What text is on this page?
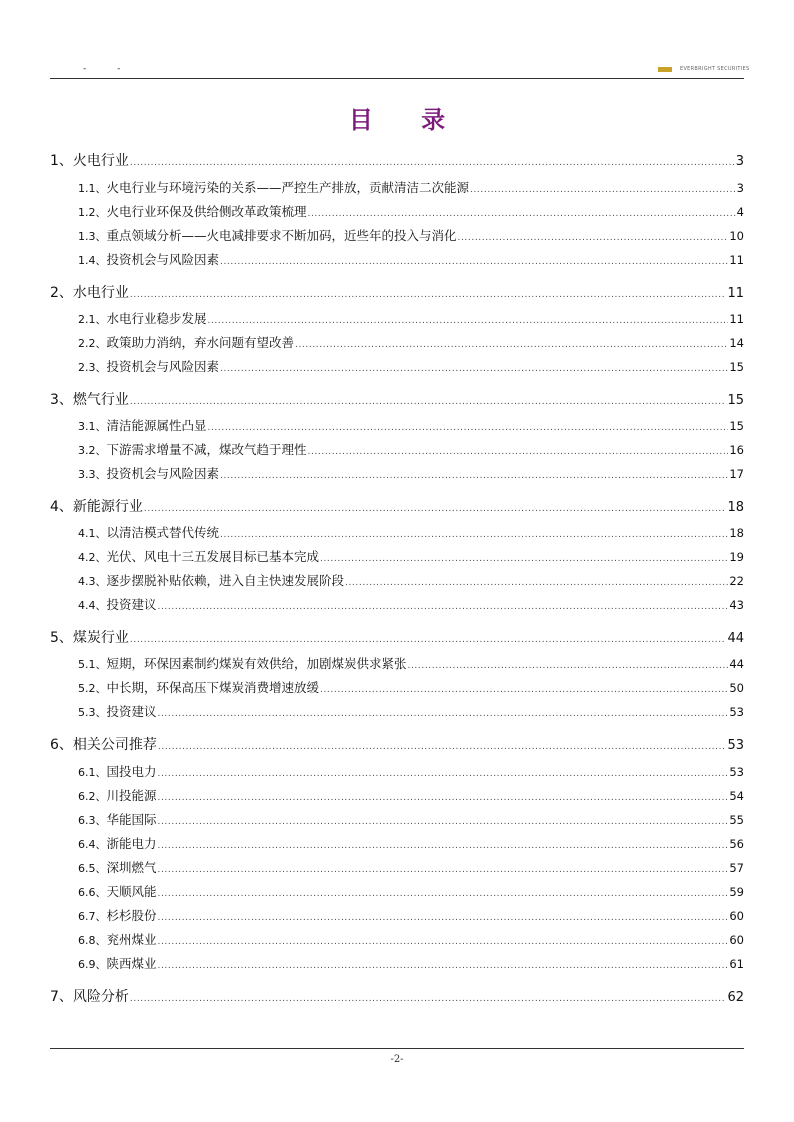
- -	EVERBRIGHT SECURITIES
目 录
1、 火电行业 .....	3
1.1、 火电行业与环境污染的关系——严控生产排放，贡献清洁二次能源 .....	3
1.2、 火电行业环保及供给侧改革政策梳理 .....	4
1.3、 重点领域分析——火电减排要求不断加码，近些年的投入与消化 .....	10
1.4、 投资机会与风险因素 .....	11
2、 水电行业 .....	11
2.1、 水电行业稳步发展 .....	11
2.2、 政策助力消纳，弃水问题有望改善 .....	14
2.3、 投资机会与风险因素 .....	15
3、 燃气行业 .....	15
3.1、 清洁能源属性凸显 .....	15
3.2、 下游需求增量不减，煤改气趋于理性 .....	16
3.3、 投资机会与风险因素 .....	17
4、 新能源行业 .....	18
4.1、 以清洁模式替代传统 .....	18
4.2、 光伏、风电十三五发展目标已基本完成 .....	19
4.3、 逐步摆脱补贴依赖，进入自主快速发展阶段 .....	22
4.4、 投资建议 .....	43
5、 煤炭行业 .....	44
5.1、 短期，环保因素制约煤炭有效供给，加剧煤炭供求紧张 .....	44
5.2、 中长期，环保高压下煤炭消费增速放缓 .....	50
5.3、 投资建议 .....	53
6、 相关公司推荐 .....	53
6.1、 国投电力 .....	53
6.2、 川投能源 .....	54
6.3、 华能国际 .....	55
6.4、 浙能电力 .....	56
6.5、 深圳燃气 .....	57
6.6、 天顺风能 .....	59
6.7、 杉杉股份 .....	60
6.8、 兖州煤业 .....	60
6.9、 陕西煤业 .....	61
7、 风险分析 .....	62
-2-
